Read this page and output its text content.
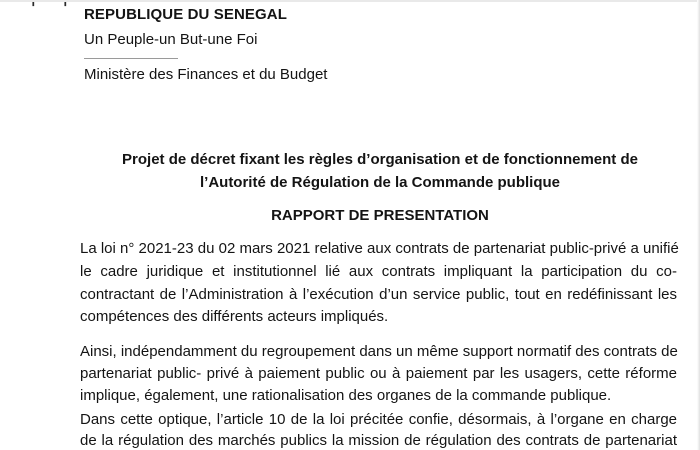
' ' REPUBLIQUE DU SENEGAL
Un Peuple-un But-une Foi
Ministère des Finances et du Budget
Projet de décret fixant les règles d’organisation et de fonctionnement de
l’Autorité de Régulation de la Commande publique
RAPPORT DE PRESENTATION
La loi n° 2021-23 du 02 mars 2021 relative aux contrats de partenariat public-privé a unifié
le cadre juridique et institutionnel lié aux contrats impliquant la participation du co-
contractant de l’Administration à l’exécution d’un service public, tout en redéfinissant les
compétences des différents acteurs impliqués.
Ainsi, indépendamment du regroupement dans un même support normatif des contrats de
partenariat public- privé à paiement public ou à paiement par les usagers, cette réforme
implique, également, une rationalisation des organes de la commande publique.
Dans cette optique, l’article 10 de la loi précitée confie, désormais, à l’organe en charge
de la régulation des marchés publics la mission de régulation des contrats de partenariat
